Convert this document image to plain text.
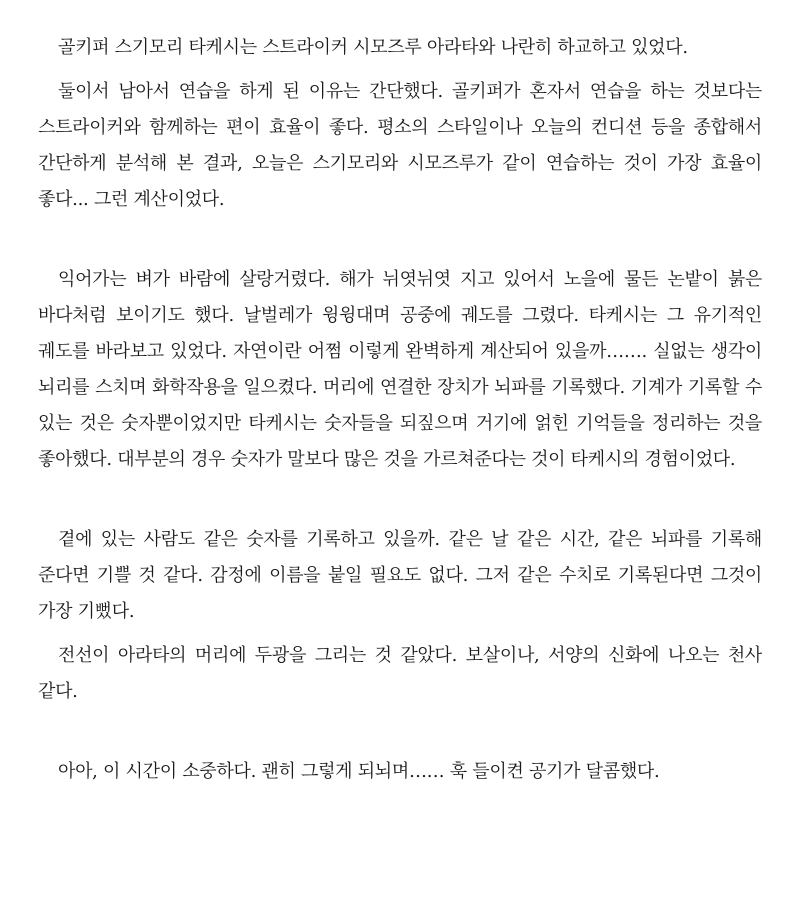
골키퍼 스기모리 타케시는 스트라이커 시모즈루 아라타와 나란히 하교하고 있었다.

둘이서 남아서 연습을 하게 된 이유는 간단했다. 골키퍼가 혼자서 연습을 하는 것보다는 스트라이커와 함께하는 편이 효율이 좋다. 평소의 스타일이나 오늘의 컨디션 등을 종합해서 간단하게 분석해 본 결과, 오늘은 스기모리와 시모즈루가 같이 연습하는 것이 가장 효율이 좋다... 그런 계산이었다.

익어가는 벼가 바람에 살랑거렸다. 해가 뉘엿뉘엿 지고 있어서 노을에 물든 논밭이 붉은 바다처럼 보이기도 했다. 날벌레가 윙윙대며 공중에 궤도를 그렸다. 타케시는 그 유기적인 궤도를 바라보고 있었다. 자연이란 어쩜 이렇게 완벽하게 계산되어 있을까……. 실없는 생각이 뇌리를 스치며 화학작용을 일으켰다. 머리에 연결한 장치가 뇌파를 기록했다. 기계가 기록할 수 있는 것은 숫자뿐이었지만 타케시는 숫자들을 되짚으며 거기에 얽힌 기억들을 정리하는 것을 좋아했다. 대부분의 경우 숫자가 말보다 많은 것을 가르쳐준다는 것이 타케시의 경험이었다.

곁에 있는 사람도 같은 숫자를 기록하고 있을까. 같은 날 같은 시간, 같은 뇌파를 기록해 준다면 기쁠 것 같다. 감정에 이름을 붙일 필요도 없다. 그저 같은 수치로 기록된다면 그것이 가장 기뻤다.

전선이 아라타의 머리에 두광을 그리는 것 같았다. 보살이나, 서양의 신화에 나오는 천사 같다.

아아, 이 시간이 소중하다. 괜히 그렇게 되뇌며…… 훅 들이켠 공기가 달콤했다.
